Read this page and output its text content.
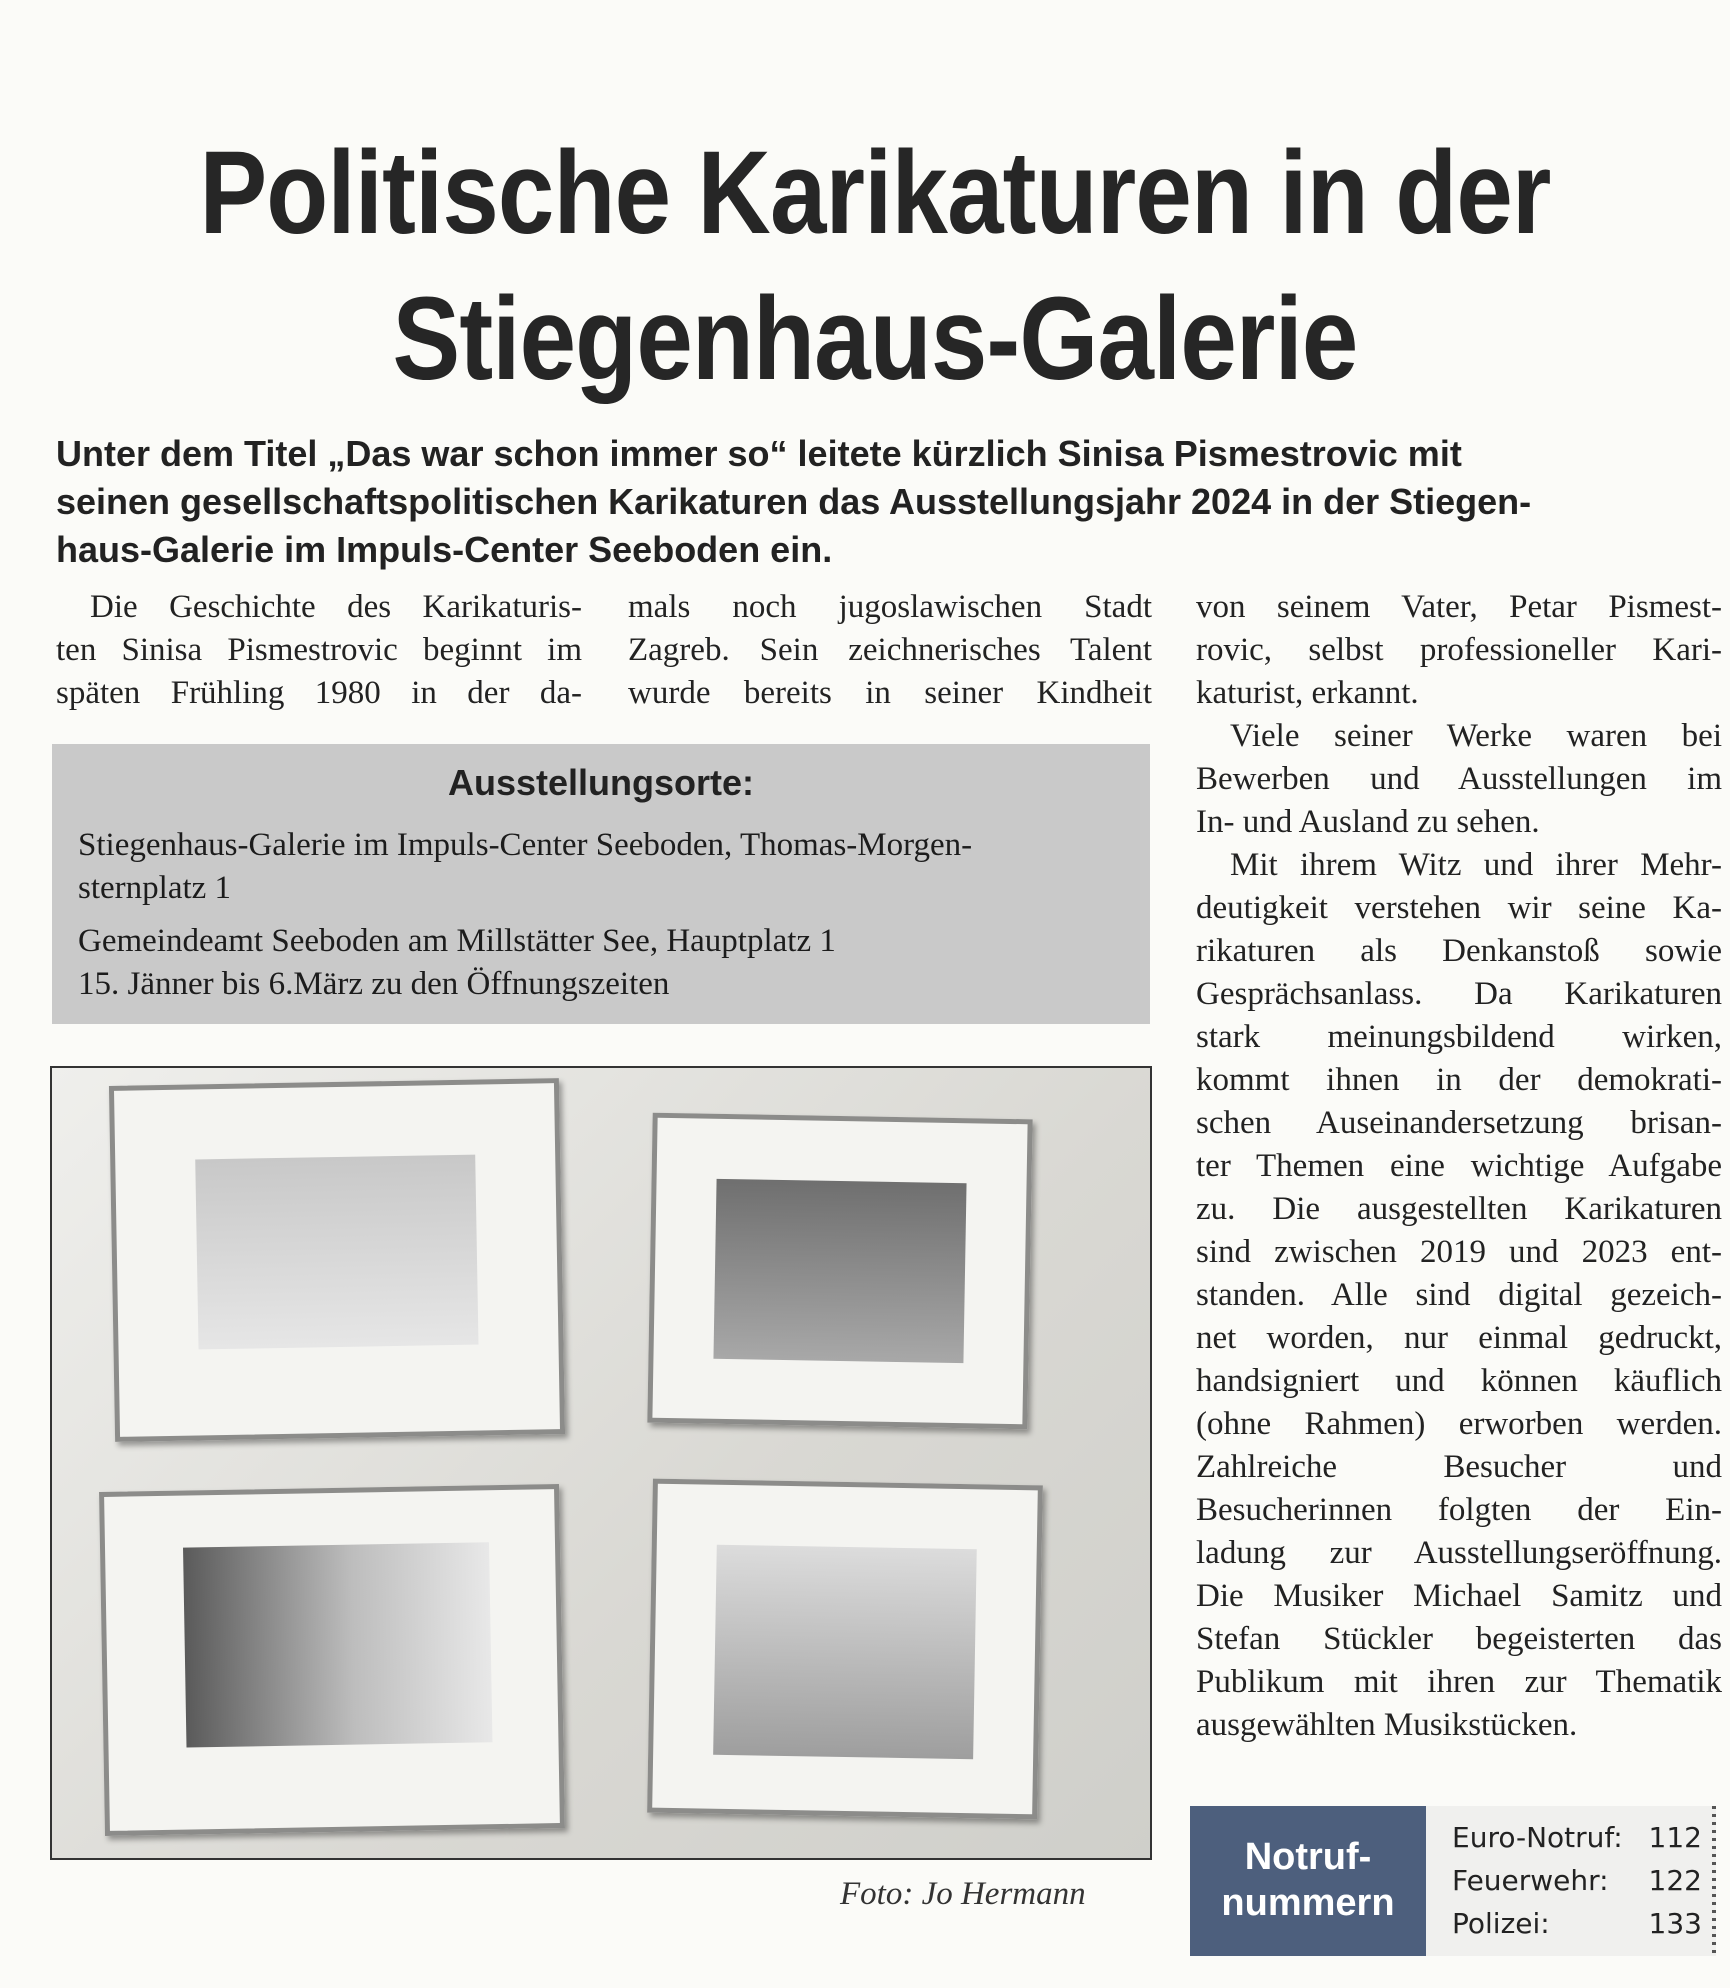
Politische Karikaturen in der
Stiegenhaus-Galerie
Unter dem Titel „Das war schon immer so“ leitete kürzlich Sinisa Pismestrovic mit
seinen gesellschaftspolitischen Karikaturen das Ausstellungsjahr 2024 in der Stiegen-
haus-Galerie im Impuls-Center Seeboden ein.
Die Geschichte des Karikaturis-
ten Sinisa Pismestrovic beginnt im
späten Frühling 1980 in der da-
mals noch jugoslawischen Stadt
Zagreb. Sein zeichnerisches Talent
wurde bereits in seiner Kindheit
Ausstellungsorte:
Stiegenhaus-Galerie im Impuls-Center Seeboden, Thomas-Morgen-
sternplatz 1
Gemeindeamt Seeboden am Millstätter See, Hauptplatz 1
15. Jänner bis 6.März zu den Öffnungszeiten
Foto: Jo Hermann
von seinem Vater, Petar Pismest-
rovic, selbst professioneller Kari-
katurist, erkannt.
Viele seiner Werke waren bei
Bewerben und Ausstellungen im
In- und Ausland zu sehen.
Mit ihrem Witz und ihrer Mehr-
deutigkeit verstehen wir seine Ka-
rikaturen als Denkanstoß sowie
Gesprächsanlass. Da Karikaturen
stark meinungsbildend wirken,
kommt ihnen in der demokrati-
schen Auseinandersetzung brisan-
ter Themen eine wichtige Aufgabe
zu. Die ausgestellten Karikaturen
sind zwischen 2019 und 2023 ent-
standen. Alle sind digital gezeich-
net worden, nur einmal gedruckt,
handsigniert und können käuflich
(ohne Rahmen) erworben werden.
Zahlreiche Besucher und
Besucherinnen folgten der Ein-
ladung zur Ausstellungseröffnung.
Die Musiker Michael Samitz und
Stefan Stückler begeisterten das
Publikum mit ihren zur Thematik
ausgewählten Musikstücken.
Notruf-
nummern
Euro-Notruf: 112
Feuerwehr: 122
Polizei:	133
